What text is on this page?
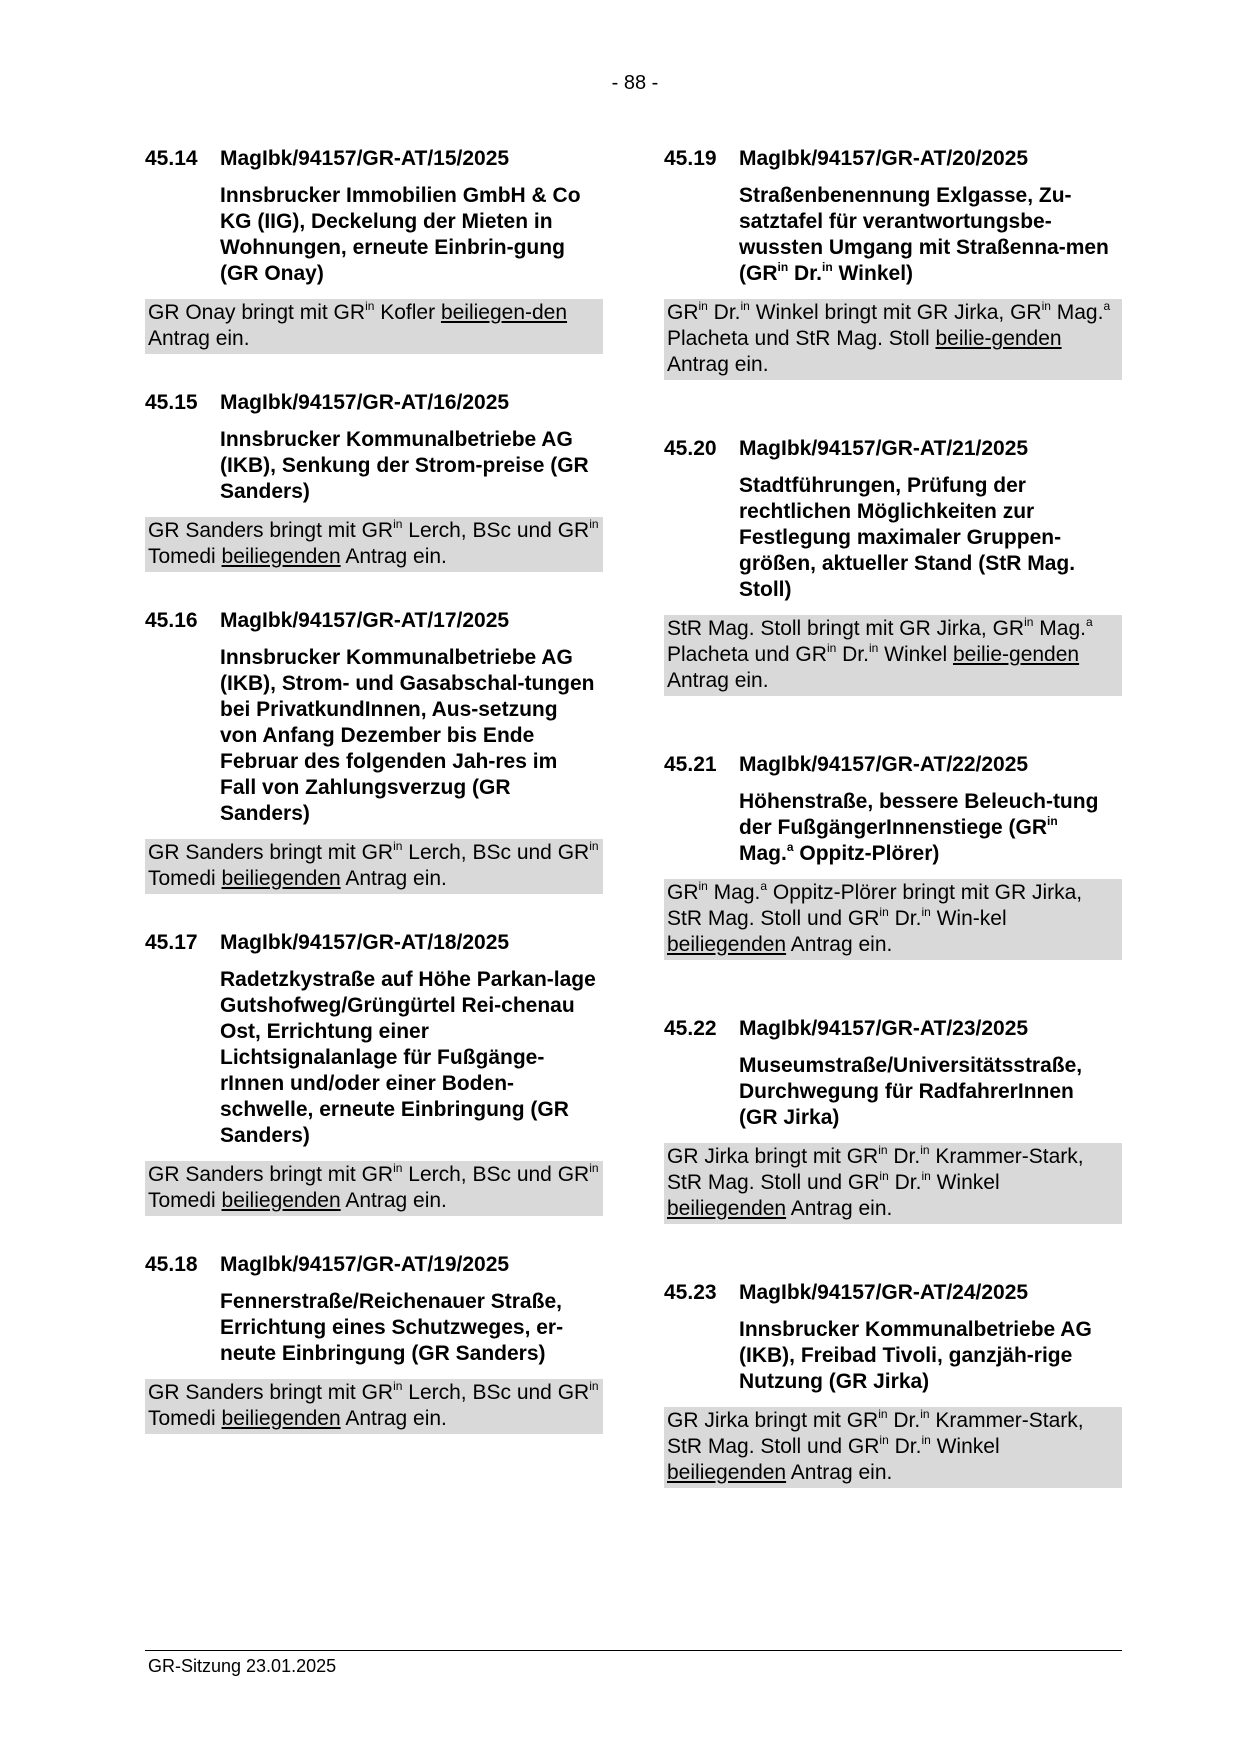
- 88 -
45.14	MagIbk/94157/GR-AT/15/2025
Innsbrucker Immobilien GmbH & Co KG (IIG), Deckelung der Mieten in Wohnungen, erneute Einbrin-gung (GR Onay)
GR Onay bringt mit $GR^{in}$ Kofler beiliegen-den Antrag ein.
45.15	MagIbk/94157/GR-AT/16/2025
Innsbrucker Kommunalbetriebe AG (IKB), Senkung der Strom-preise (GR Sanders)
GR Sanders bringt mit $GR^{in}$ Lerch, BSc und $GR^{in}$ Tomedi beiliegenden Antrag ein.
45.16	MagIbk/94157/GR-AT/17/2025
Innsbrucker Kommunalbetriebe AG (IKB), Strom- und Gasabschal-tungen bei PrivatkundInnen, Aus-setzung von Anfang Dezember bis Ende Februar des folgenden Jah-res im Fall von Zahlungsverzug (GR Sanders)
GR Sanders bringt mit $GR^{in}$ Lerch, BSc und $GR^{in}$ Tomedi beiliegenden Antrag ein.
45.17	MagIbk/94157/GR-AT/18/2025
Radetzkystraße auf Höhe Parkan-lage Gutshofweg/Grüngürtel Rei-chenau Ost, Errichtung einer Lichtsignalanlage für Fußgänge-rInnen und/oder einer Boden-schwelle, erneute Einbringung (GR Sanders)
GR Sanders bringt mit $GR^{in}$ Lerch, BSc und $GR^{in}$ Tomedi beiliegenden Antrag ein.
45.18	MagIbk/94157/GR-AT/19/2025
Fennerstraße/Reichenauer Straße, Errichtung eines Schutzweges, er-neute Einbringung (GR Sanders)
GR Sanders bringt mit $GR^{in}$ Lerch, BSc und $GR^{in}$ Tomedi beiliegenden Antrag ein.
45.19	MagIbk/94157/GR-AT/20/2025
Straßenbenennung Exlgasse, Zu-satztafel für verantwortungsbe-wussten Umgang mit Straßenna-men ($GR^{in}$ Dr.$^{in}$ Winkel)
$GR^{in}$ Dr.$^{in}$ Winkel bringt mit GR Jirka, $GR^{in}$ Mag.$^a$ Placheta und StR Mag. Stoll beilie-genden Antrag ein.
45.20	MagIbk/94157/GR-AT/21/2025
Stadtführungen, Prüfung der rechtlichen Möglichkeiten zur Festlegung maximaler Gruppen-größen, aktueller Stand (StR Mag. Stoll)
StR Mag. Stoll bringt mit GR Jirka, $GR^{in}$ Mag.$^a$ Placheta und $GR^{in}$ Dr.$^{in}$ Winkel beilie-genden Antrag ein.
45.21	MagIbk/94157/GR-AT/22/2025
Höhenstraße, bessere Beleuch-tung der FußgängerInnenstiege ($GR^{in}$ Mag.$^a$ Oppitz-Plörer)
$GR^{in}$ Mag.$^a$ Oppitz-Plörer bringt mit GR Jirka, StR Mag. Stoll und $GR^{in}$ Dr.$^{in}$ Win-kel beiliegenden Antrag ein.
45.22	MagIbk/94157/GR-AT/23/2025
Museumstraße/Universitätsstraße, Durchwegung für RadfahrerInnen (GR Jirka)
GR Jirka bringt mit $GR^{in}$ Dr.$^{in}$ Krammer-Stark, StR Mag. Stoll und $GR^{in}$ Dr.$^{in}$ Winkel beiliegenden Antrag ein.
45.23	MagIbk/94157/GR-AT/24/2025
Innsbrucker Kommunalbetriebe AG (IKB), Freibad Tivoli, ganzjäh-rige Nutzung (GR Jirka)
GR Jirka bringt mit $GR^{in}$ Dr.$^{in}$ Krammer-Stark, StR Mag. Stoll und $GR^{in}$ Dr.$^{in}$ Winkel beiliegenden Antrag ein.
GR-Sitzung 23.01.2025
